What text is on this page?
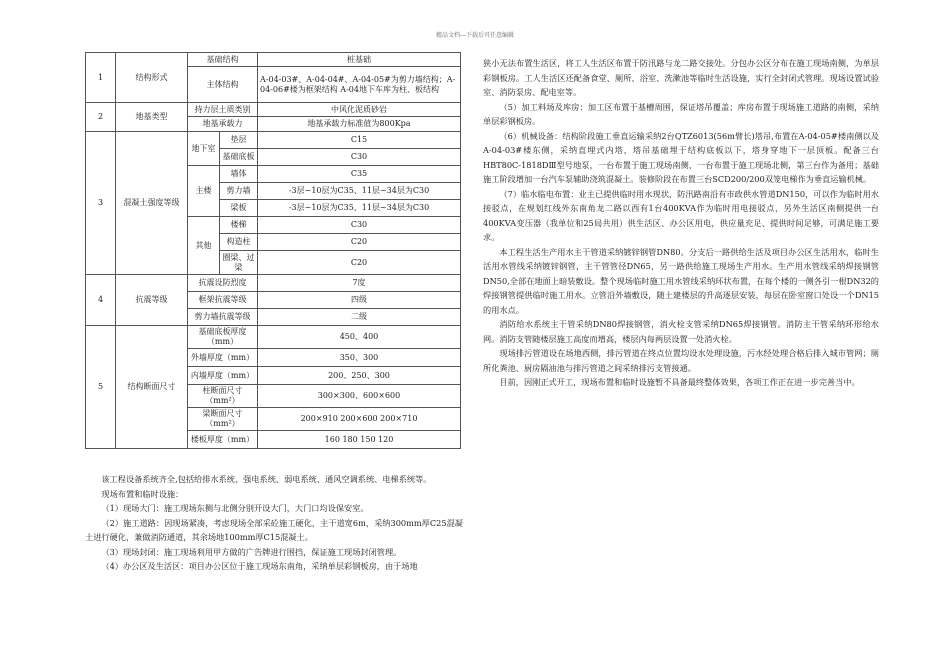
精品文档---下载后可任意编辑
1	结构形式	基础结构		桩基础
		主体结构		A-04-03#、A-04-04#、A-04-05#为剪力墙结构；A-04-06#楼为框架结构 A-04地下车库为柱、板结构
2	地基类型	持力层土质类别		中风化泥质砂岩
		地基承载力		地基承载力标准值为800Kpa
3	混凝土强度等级	地下室	垫层	C15
			基础底板	C30
		主楼	墙体	C35
			剪力墙	-3层~10层为C35、11层~34层为C30
			梁板	-3层~10层为C35、11层~34层为C30
		其他	楼梯	C30
			构造柱	C20
			圈梁、过梁	C20
4	抗震等级	抗震设防烈度		7度
		框架抗震等级		四级
		剪力墙抗震等级		二级
5	结构断面尺寸	基础底板厚度（mm）		450、400
		外墙厚度（mm）		350、300
		内墙厚度（mm）		200、250、300
		柱断面尺寸（mm²）		300×300、600×600
		梁断面尺寸（mm²）		200×910 200×600 200×710
		楼板厚度（mm）		160 180 150 120

该工程设备系统齐全,包括给排水系统、强电系统、弱电系统、通风空调系统、电梯系统等。

现场布置和临时设施：

（1）现场大门：施工现场东侧与北侧分别开设大门，大门口均设保安室。

（2）施工道路：因现场紧凑，考虑现场全部采砼施工硬化，主干道宽6m，采纳300mm厚C25混凝土进行硬化，兼做消防通道，其余场地100mm厚C15混凝土。

（3）现场封闭：施工现场利用甲方做的广告牌进行围挡，保证施工现场封闭管理。

（4）办公区及生活区：项目办公区位于施工现场东南角，采纳单层彩钢板房，由于场地

狭小无法布置生活区，将工人生活区布置于防汛路与龙二路交接处。分包办公区分布在施工现场南侧，为单层彩钢板房。工人生活区还配备食堂、厕所、浴室、洗漱池等临时生活设施，实行全封闭式管理。现场设置试验室、消防泵房、配电室等。

（5）加工料场及库房：加工区布置于基槽周围，保证塔吊覆盖；库房布置于现场施工道路的南侧，采纳单层彩钢板房。

（6）机械设备：结构阶段施工垂直运输采纳2台QTZ6013(56m臂长)塔吊,布置在A-04-05#楼南侧以及A-04-03#楼东侧，采纳直埋式内塔，塔吊基础埋于结构底板以下，塔身穿地下一层顶板。配备三台HBT80C-1818DⅢ型号地泵，一台布置于施工现场南侧，一台布置于施工现场北侧，第三台作为备用；基础施工阶段增加一台汽车泵辅助浇筑混凝土。装修阶段在布置三台SCD200/200双笼电梯作为垂直运输机械。

（7）临水临电布置：业主已提供临时用水现状，防汛路南沿有市政供水管道DN150，可以作为临时用水接驳点，在规划红线外东南角龙二路以西有1台400KVA作为临时用电接驳点，另外生活区南侧提供一台400KVA变压器（我单位和25局共用）供生活区、办公区用电，供应量充足、提供时间足够，可满足施工要求。

本工程生活生产用水主干管道采纳镀锌钢管DN80。分支后一路供给生活及项目办公区生活用水，临时生活用水管线采纳镀锌钢管，主干管管径DN65，另一路供给施工现场生产用水。生产用水管线采纳焊接钢管DN50,全部在地面上暗装敷设。整个现场临时施工用水管线采纳环状布置，在每个楼的一侧各引一根DN32的焊接钢管提供临时施工用水。立管沿外墙敷设，随土建楼层的升高逐层安装，每层在卧室窗口处设一个DN15的用水点。

消防给水系统主干管采纳DN80焊接钢管，消火栓支管采纳DN65焊接钢管。消防主干管采纳环形给水网。消防支管随楼层施工高度而增高，楼层内每两层设置一处消火栓。

现场排污管道设在场地西侧，排污管道在终点位置均设水处理设施，污水经处理合格后排入城市管网；厕所化粪池、厨房隔油池与排污管道之间采纳排污支管接通。

目前，因刚正式开工，现场布置和临时设施暂不具备最终整体效果，各项工作正在进一步完善当中。
